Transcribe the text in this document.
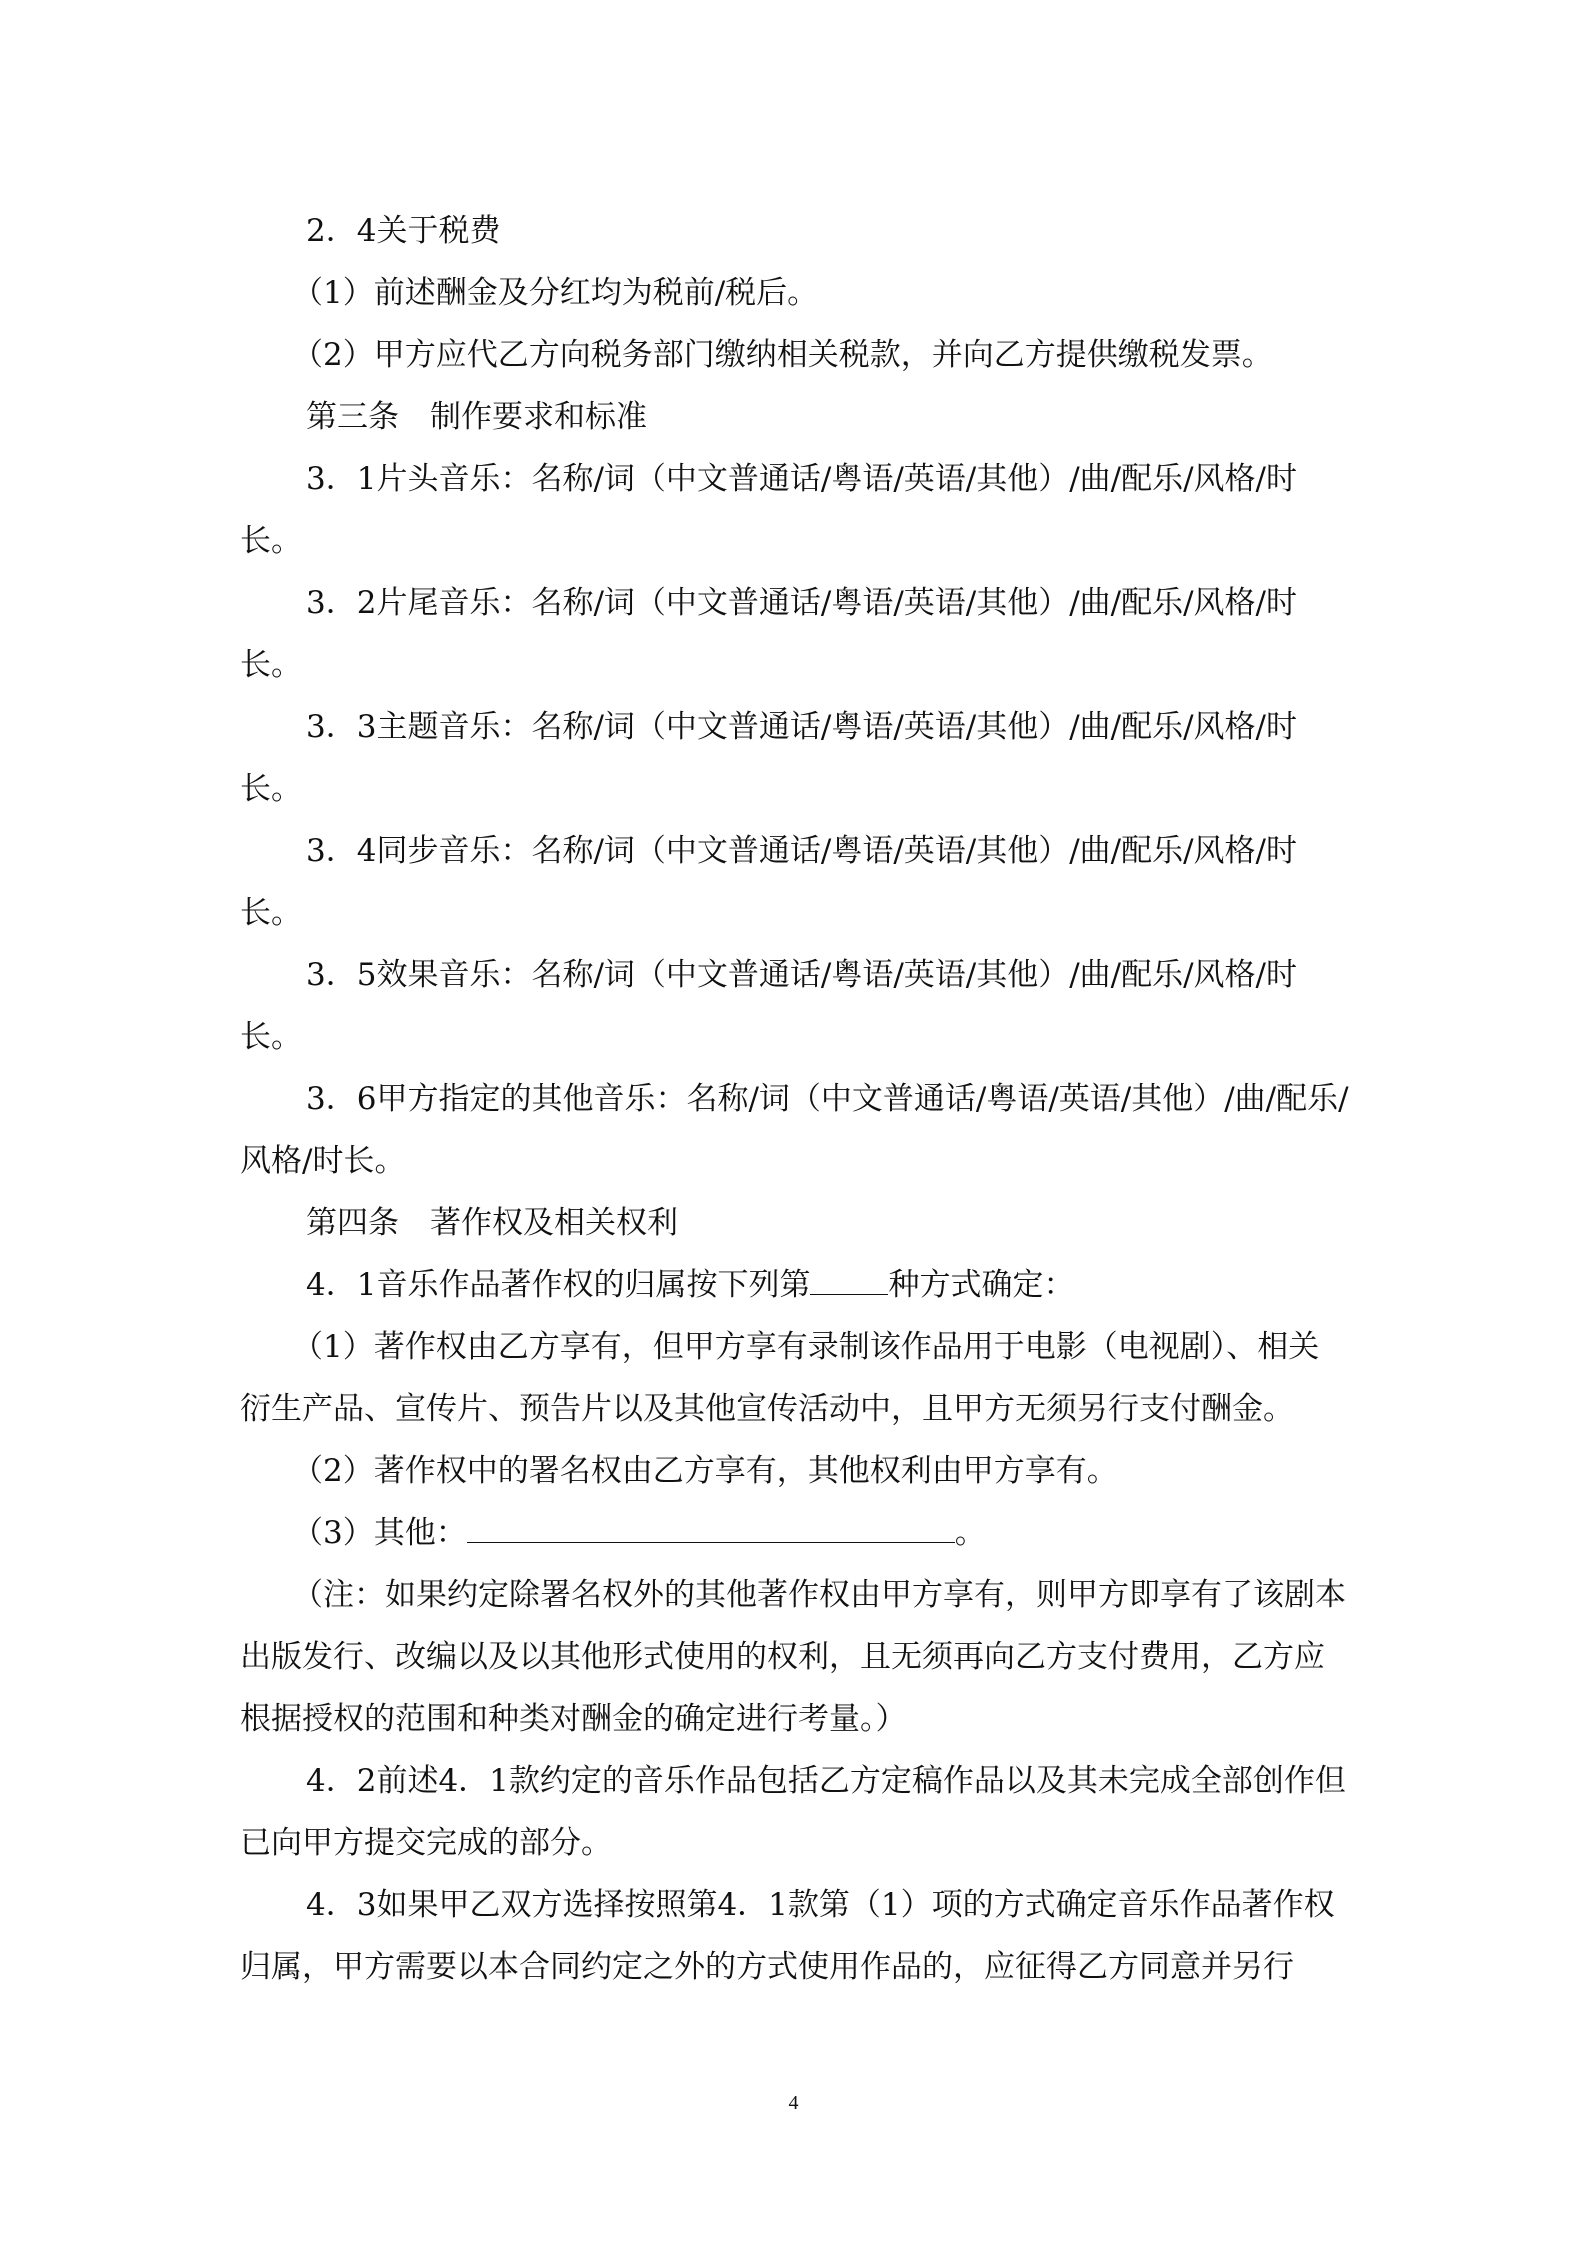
2．4关于税费

（1）前述酬金及分红均为税前/税后。

（2）甲方应代乙方向税务部门缴纳相关税款，并向乙方提供缴税发票。

第三条　制作要求和标准

3．1片头音乐：名称/词（中文普通话/粤语/英语/其他）/曲/配乐/风格/时长。

3．2片尾音乐：名称/词（中文普通话/粤语/英语/其他）/曲/配乐/风格/时长。

3．3主题音乐：名称/词（中文普通话/粤语/英语/其他）/曲/配乐/风格/时长。

3．4同步音乐：名称/词（中文普通话/粤语/英语/其他）/曲/配乐/风格/时长。

3．5效果音乐：名称/词（中文普通话/粤语/英语/其他）/曲/配乐/风格/时长。

3．6甲方指定的其他音乐：名称/词（中文普通话/粤语/英语/其他）/曲/配乐/风格/时长。

第四条　著作权及相关权利

4．1音乐作品著作权的归属按下列第	种方式确定：

（1）著作权由乙方享有，但甲方享有录制该作品用于电影（电视剧）、相关衍生产品、宣传片、预告片以及其他宣传活动中，且甲方无须另行支付酬金。

（2）著作权中的署名权由乙方享有，其他权利由甲方享有。

（3）其他：	。

（注：如果约定除署名权外的其他著作权由甲方享有，则甲方即享有了该剧本出版发行、改编以及以其他形式使用的权利，且无须再向乙方支付费用，乙方应根据授权的范围和种类对酬金的确定进行考量。）

4．2前述4．1款约定的音乐作品包括乙方定稿作品以及其未完成全部创作但已向甲方提交完成的部分。

4．3如果甲乙双方选择按照第4．1款第（1）项的方式确定音乐作品著作权归属，甲方需要以本合同约定之外的方式使用作品的，应征得乙方同意并另行

4
